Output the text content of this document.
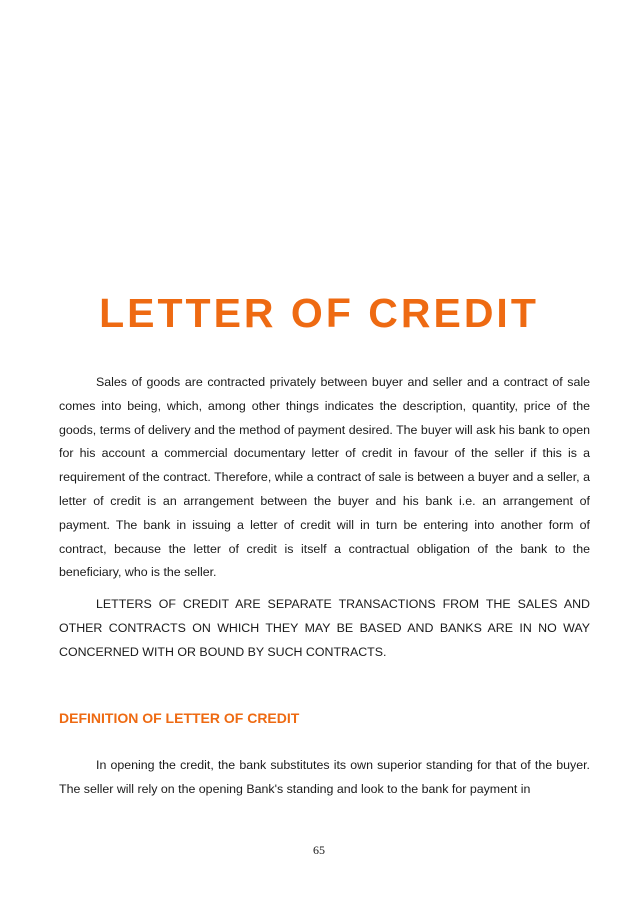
LETTER OF CREDIT

Sales of goods are contracted privately between buyer and seller and a contract of sale comes into being, which, among other things indicates the description, quantity, price of the goods, terms of delivery and the method of payment desired. The buyer will ask his bank to open for his account a commercial documentary letter of credit in favour of the seller if this is a requirement of the contract. Therefore, while a contract of sale is between a buyer and a seller, a letter of credit is an arrangement between the buyer and his bank i.e. an arrangement of payment. The bank in issuing a letter of credit will in turn be entering into another form of contract, because the letter of credit is itself a contractual obligation of the bank to the beneficiary, who is the seller.

LETTERS OF CREDIT ARE SEPARATE TRANSACTIONS FROM THE SALES AND OTHER CONTRACTS ON WHICH THEY MAY BE BASED AND BANKS ARE IN NO WAY CONCERNED WITH OR BOUND BY SUCH CONTRACTS.

DEFINITION OF LETTER OF CREDIT

In opening the credit, the bank substitutes its own superior standing for that of the buyer. The seller will rely on the opening Bank's standing and look to the bank for payment in

65
